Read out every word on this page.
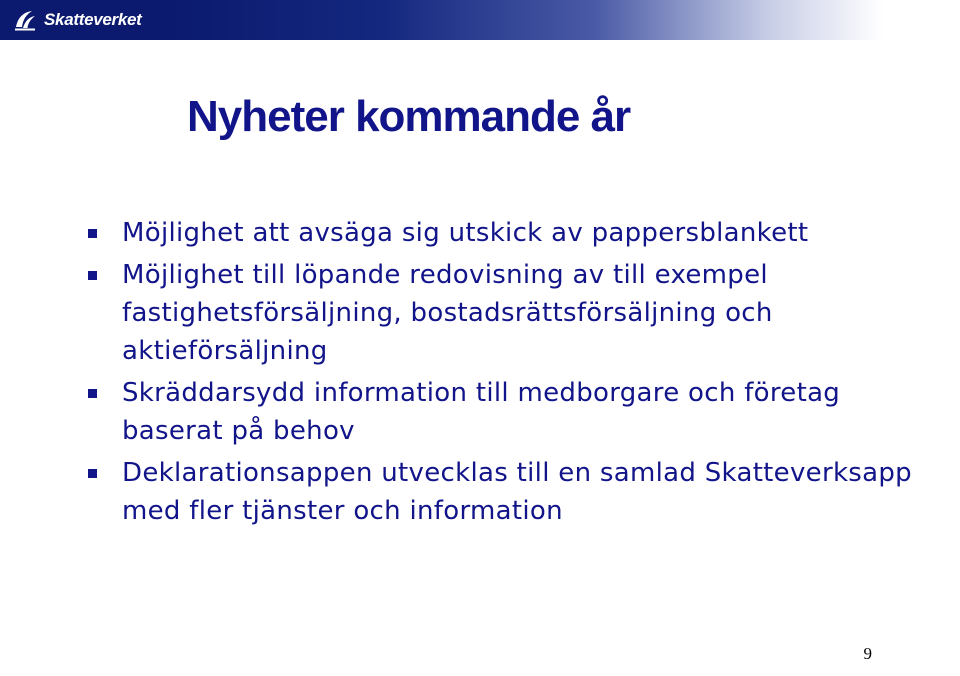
Skatteverket
Nyheter kommande år
Möjlighet att avsäga sig utskick av pappersblankett
Möjlighet till löpande redovisning av till exempel fastighetsförsäljning, bostadsrättsförsäljning och aktieförsäljning
Skräddarsydd information till medborgare och företag baserat på behov
Deklarationsappen utvecklas till en samlad Skatteverksapp med fler tjänster och information
9
